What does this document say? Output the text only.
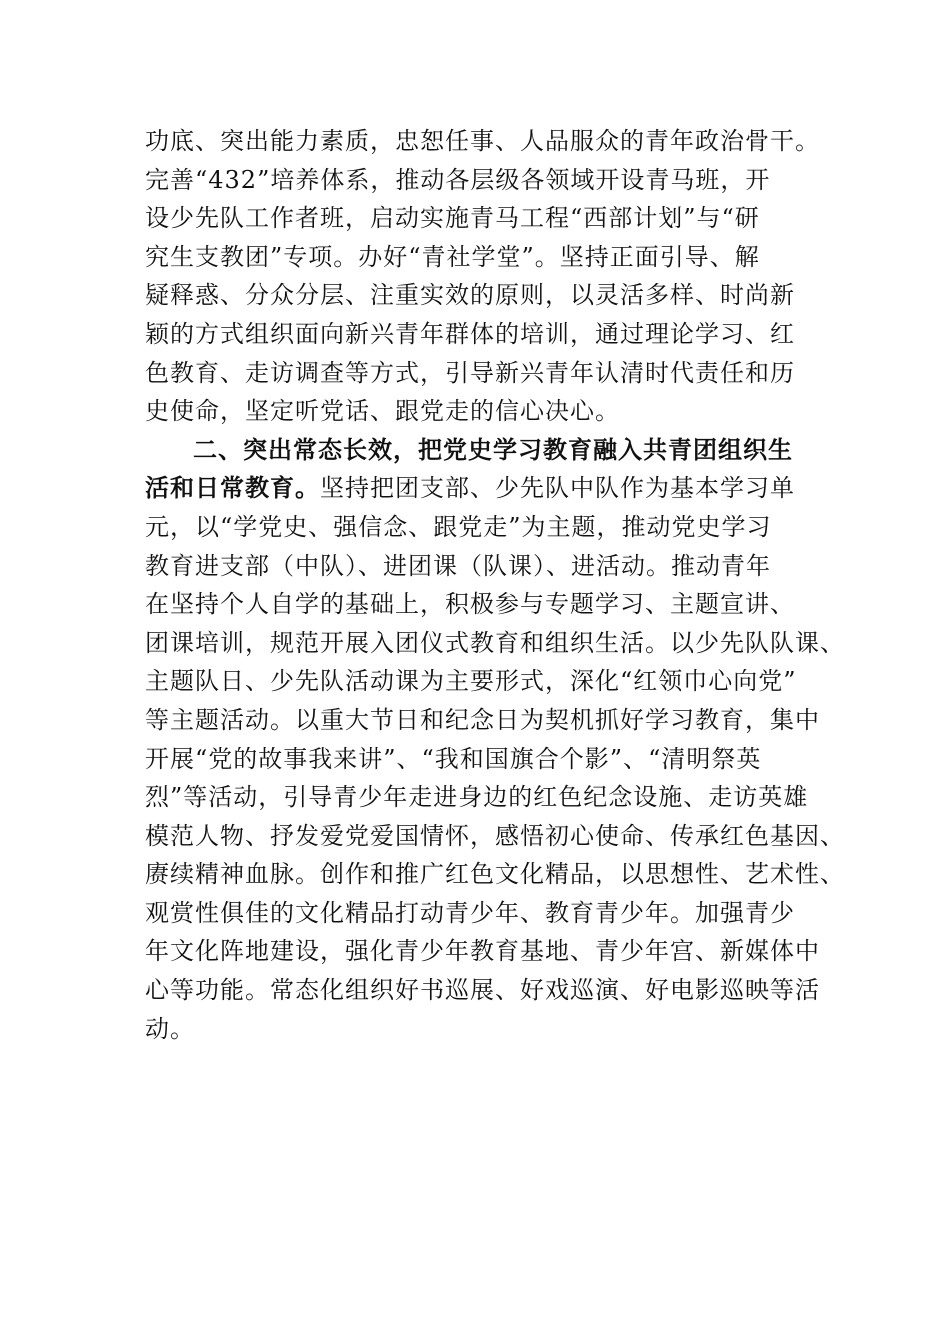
功底、突出能力素质，忠恕任事、人品服众的青年政治骨干。
完善“432”培养体系，推动各层级各领域开设青马班，开
设少先队工作者班，启动实施青马工程“西部计划”与“研
究生支教团”专项。办好“青社学堂”。坚持正面引导、解
疑释惑、分众分层、注重实效的原则，以灵活多样、时尚新
颖的方式组织面向新兴青年群体的培训，通过理论学习、红
色教育、走访调查等方式，引导新兴青年认清时代责任和历
史使命，坚定听党话、跟党走的信心决心。
二、突出常态长效，把党史学习教育融入共青团组织生
活和日常教育。坚持把团支部、少先队中队作为基本学习单
元，以“学党史、强信念、跟党走”为主题，推动党史学习
教育进支部（中队）、进团课（队课）、进活动。推动青年
在坚持个人自学的基础上，积极参与专题学习、主题宣讲、
团课培训，规范开展入团仪式教育和组织生活。以少先队队课、
主题队日、少先队活动课为主要形式，深化“红领巾心向党”
等主题活动。以重大节日和纪念日为契机抓好学习教育，集中
开展“党的故事我来讲”、“我和国旗合个影”、“清明祭英
烈”等活动，引导青少年走进身边的红色纪念设施、走访英雄
模范人物、抒发爱党爱国情怀，感悟初心使命、传承红色基因、
赓续精神血脉。创作和推广红色文化精品，以思想性、艺术性、
观赏性俱佳的文化精品打动青少年、教育青少年。加强青少
年文化阵地建设，强化青少年教育基地、青少年宫、新媒体中
心等功能。常态化组织好书巡展、好戏巡演、好电影巡映等活
动。
